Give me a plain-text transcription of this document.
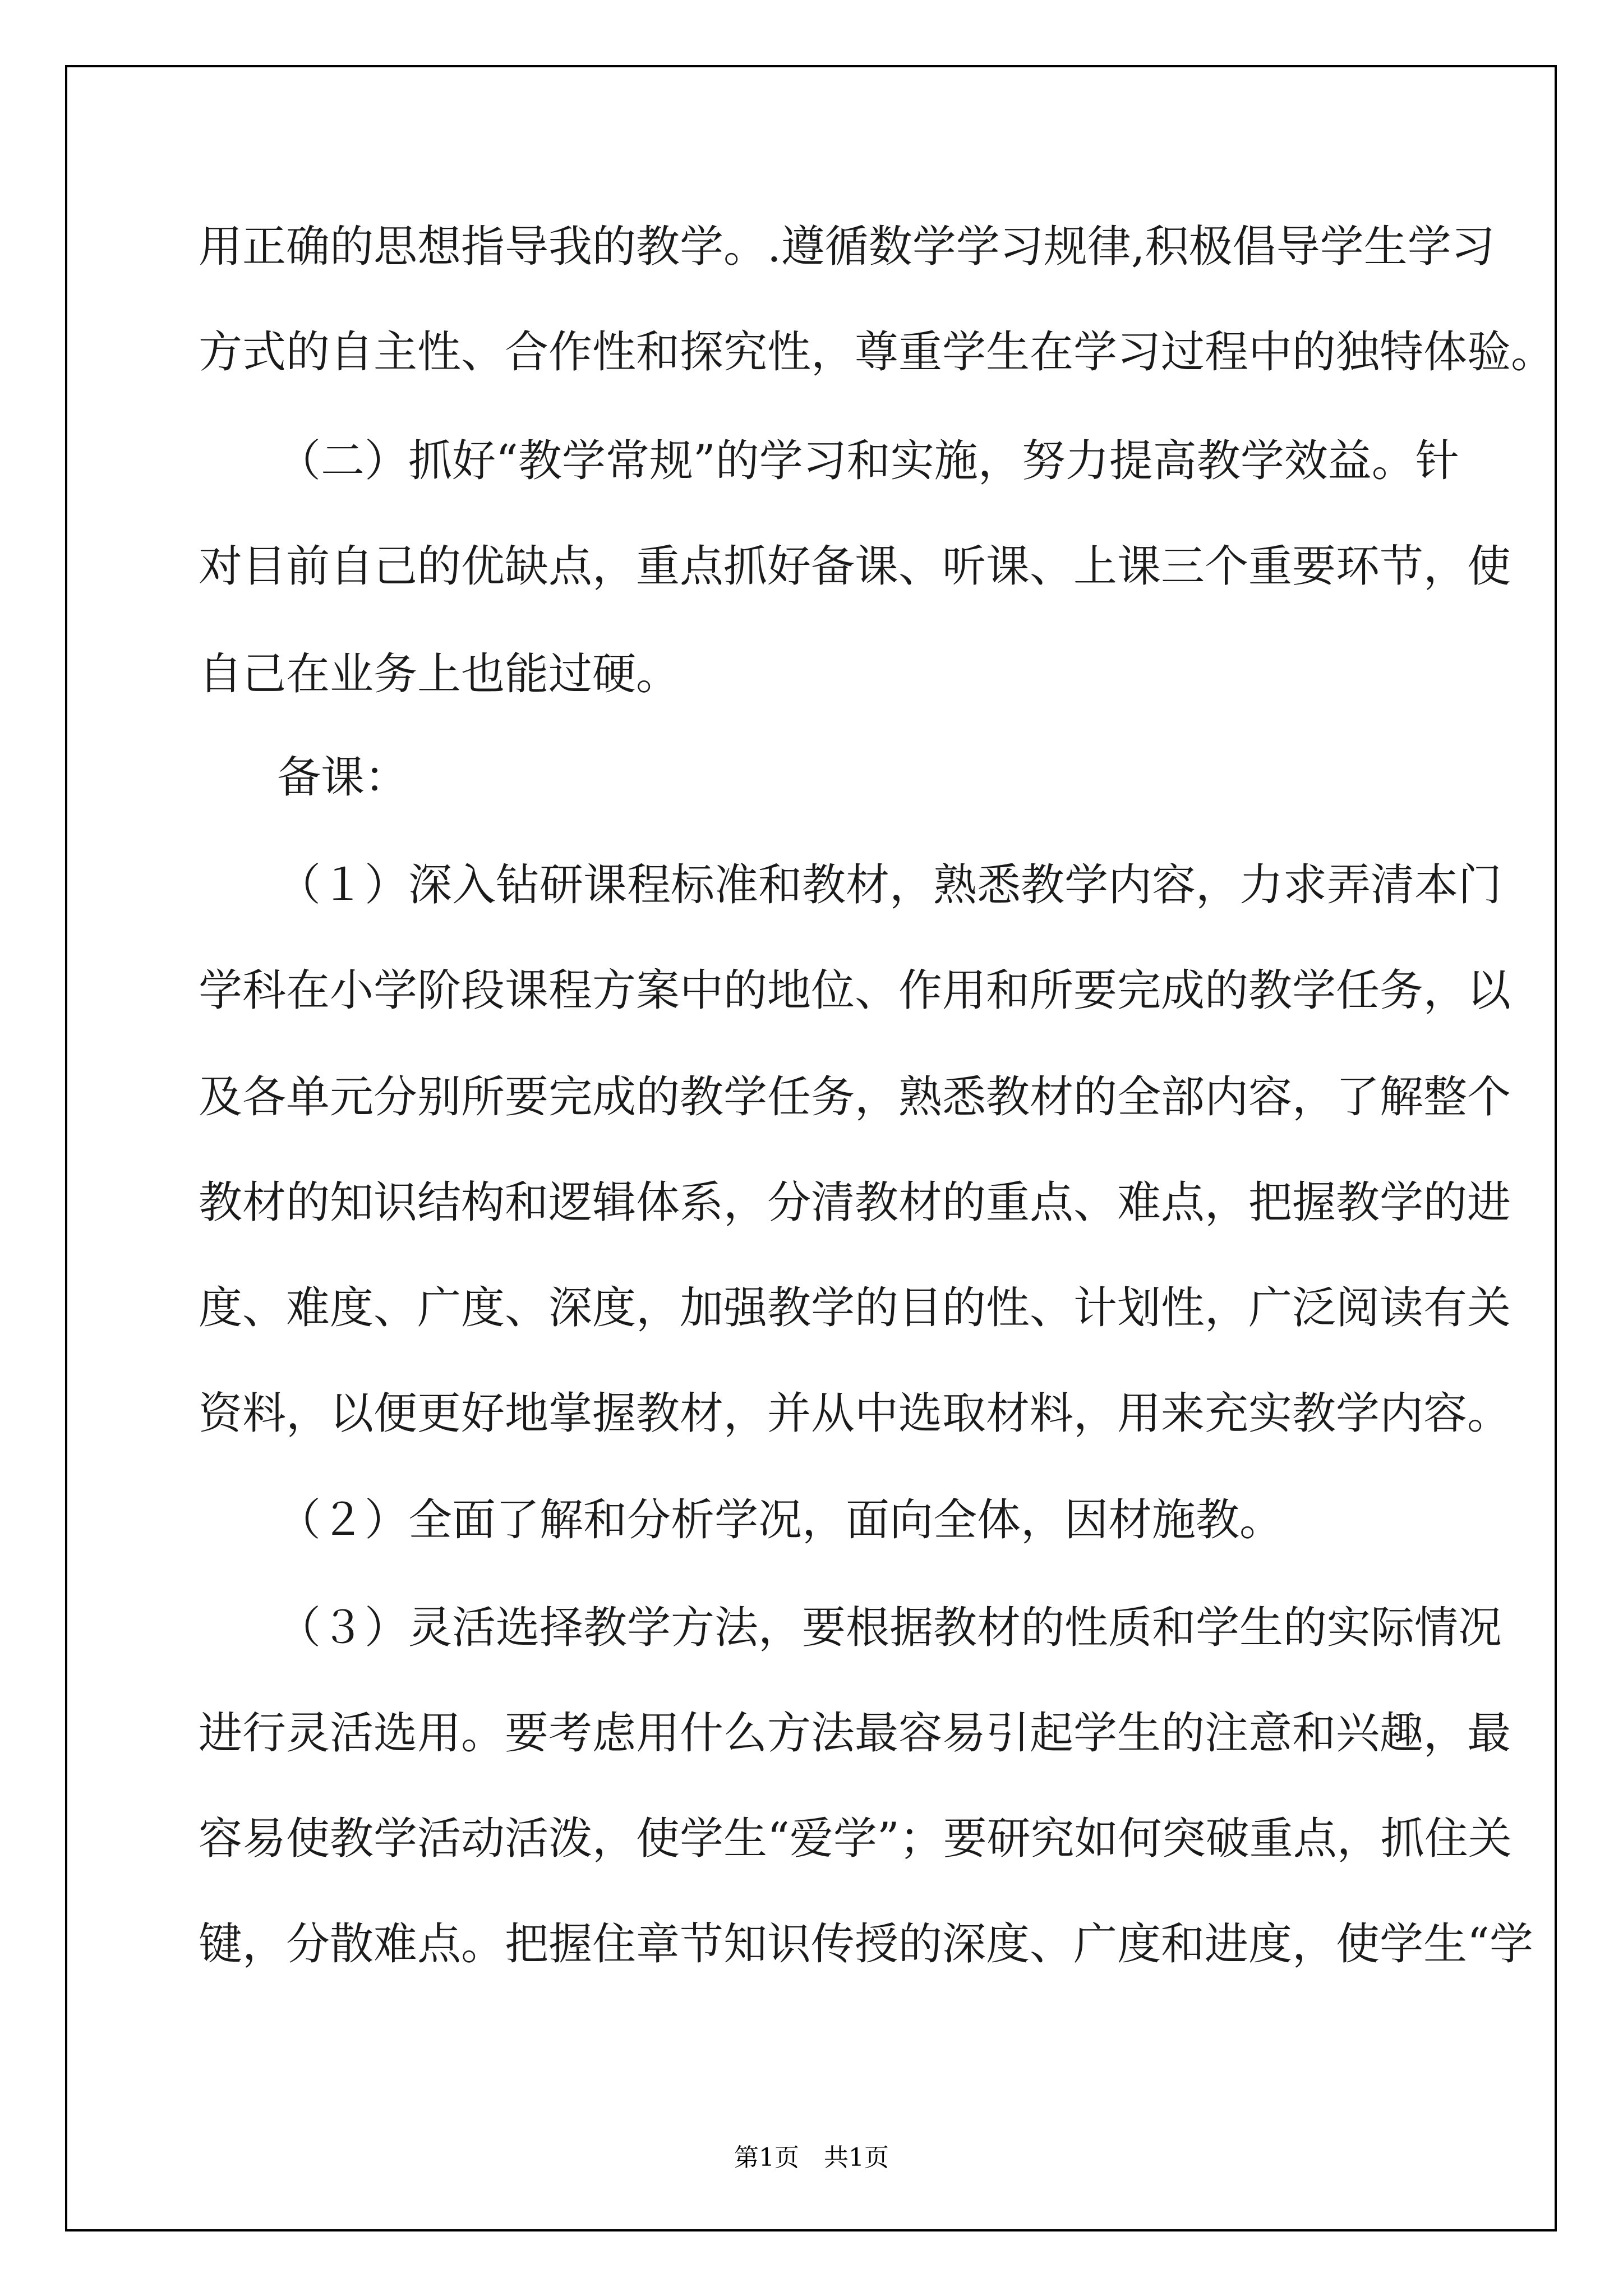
用正确的思想指导我的教学。.遵循数学学习规律,积极倡导学生学习
方式的自主性、合作性和探究性，尊重学生在学习过程中的独特体验。
（二）抓好“教学常规”的学习和实施，努力提高教学效益。针
对目前自己的优缺点，重点抓好备课、听课、上课三个重要环节，使
自己在业务上也能过硬。
备课：
（１）深入钻研课程标准和教材，熟悉教学内容，力求弄清本门
学科在小学阶段课程方案中的地位、作用和所要完成的教学任务，以
及各单元分别所要完成的教学任务，熟悉教材的全部内容，了解整个
教材的知识结构和逻辑体系，分清教材的重点、难点，把握教学的进
度、难度、广度、深度，加强教学的目的性、计划性，广泛阅读有关
资料，以便更好地掌握教材，并从中选取材料，用来充实教学内容。
（２）全面了解和分析学况，面向全体，因材施教。
（３）灵活选择教学方法，要根据教材的性质和学生的实际情况
进行灵活选用。要考虑用什么方法最容易引起学生的注意和兴趣，最
容易使教学活动活泼，使学生“爱学”；要研究如何突破重点，抓住关
键，分散难点。把握住章节知识传授的深度、广度和进度，使学生“学
第1页　共1页
